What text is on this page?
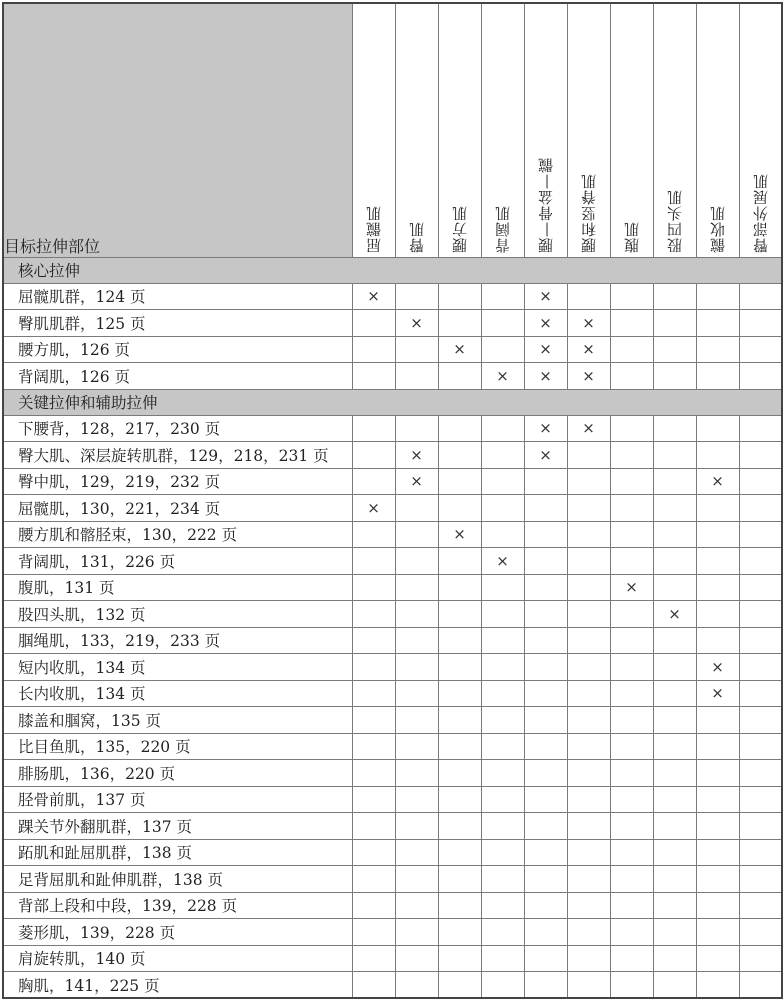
目标拉伸部位	屈髋肌	臀肌	腰方肌	背阔肌	腰—骨盆—髋	腰和竖脊肌	腹肌	股四头肌	髋收肌	臀部外展肌
核心拉伸										
屈髋肌群，124 页	×				×					
臀肌肌群，125 页		×			×	×				
腰方肌，126 页			×		×	×				
背阔肌，126 页				×	×	×				
关键拉伸和辅助拉伸										
下腰背，128，217，230 页					×	×				
臀大肌、深层旋转肌群，129，218，231 页		×			×					
臀中肌，129，219，232 页		×							×	
屈髋肌，130，221，234 页	×									
腰方肌和髂胫束，130，222 页			×							
背阔肌，131，226 页				×						
腹肌，131 页							×			
股四头肌，132 页								×		
腘绳肌，133，219，233 页										
短内收肌，134 页									×	
长内收肌，134 页									×	
膝盖和腘窝，135 页										
比目鱼肌，135，220 页										
腓肠肌，136，220 页										
胫骨前肌，137 页										
踝关节外翻肌群，137 页										
跖肌和趾屈肌群，138 页										
足背屈肌和趾伸肌群，138 页										
背部上段和中段，139，228 页										
菱形肌，139，228 页										
肩旋转肌，140 页										
胸肌，141，225 页										
